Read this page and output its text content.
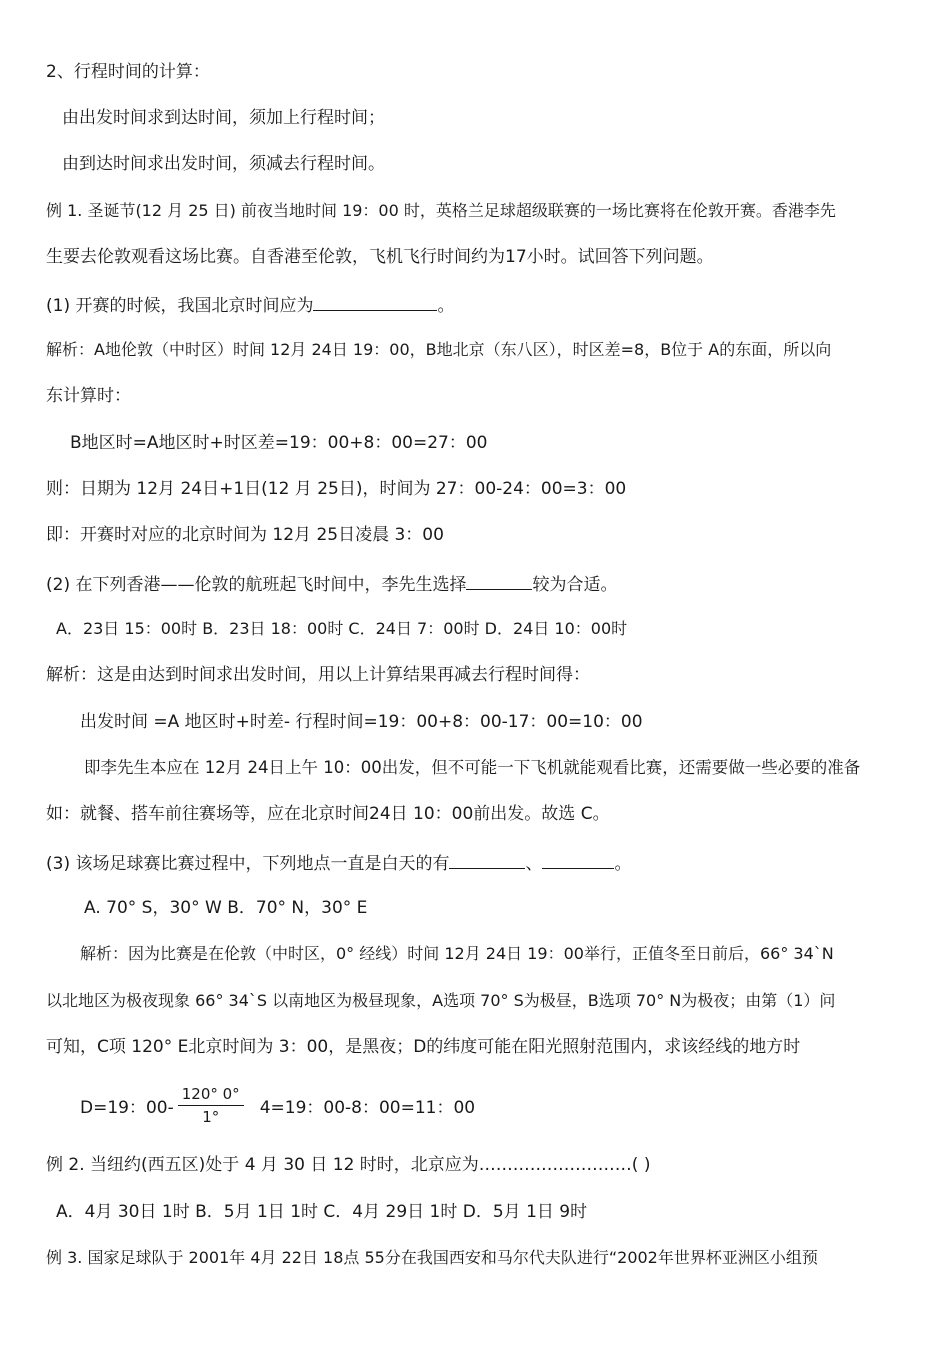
2、行程时间的计算：
由出发时间求到达时间，须加上行程时间；
由到达时间求出发时间，须减去行程时间。
例 1. 圣诞节(12 月 25 日) 前夜当地时间 19：00 时，英格兰足球超级联赛的一场比赛将在伦敦开赛。香港李先
生要去伦敦观看这场比赛。自香港至伦敦，飞机飞行时间约为17小时。试回答下列问题。
(1) 开赛的时候，我国北京时间应为	。
解析：A地伦敦（中时区）时间 12月 24日 19：00，B地北京（东八区），时区差=8，B位于 A的东面，所以向
东计算时：
B地区时=A地区时+时区差=19：00+8：00=27：00
则：日期为 12月 24日+1日(12 月 25日)，时间为 27：00-24：00=3：00
即：开赛时对应的北京时间为 12月 25日凌晨 3：00
(2) 在下列香港——伦敦的航班起飞时间中，李先生选择	较为合适。
A．23日 15：00时 B．23日 18：00时 C．24日 7：00时 D．24日 10：00时
解析：这是由达到时间求出发时间，用以上计算结果再减去行程时间得：
出发时间 =A 地区时+时差- 行程时间=19：00+8：00-17：00=10：00
即李先生本应在 12月 24日上午 10：00出发，但不可能一下飞机就能观看比赛，还需要做一些必要的准备
如：就餐、搭车前往赛场等，应在北京时间24日 10：00前出发。故选 C。
(3) 该场足球赛比赛过程中，下列地点一直是白天的有	、	。
A. 70° S，30° W B．70° N，30° E
解析：因为比赛是在伦敦（中时区，0° 经线）时间 12月 24日 19：00举行，正值冬至日前后，66° 34`N
以北地区为极夜现象 66° 34`S 以南地区为极昼现象，A选项 70° S为极昼，B选项 70° N为极夜；由第（1）问
可知，C项 120° E北京时间为 3：00，是黑夜；D的纬度可能在阳光照射范围内，求该经线的地方时
D=19：$00- \frac{120^\circ 0^\circ}{1^\circ} 4=19$：00-8：00=11：00
例 2. 当纽约(西五区)处于 4 月 30 日 12 时时，北京应为………………………( )
A．4月 30日 1时 B．5月 1日 1时 C．4月 29日 1时 D．5月 1日 9时
例 3. 国家足球队于 2001年 4月 22日 18点 55分在我国西安和马尔代夫队进行“2002年世界杯亚洲区小组预
